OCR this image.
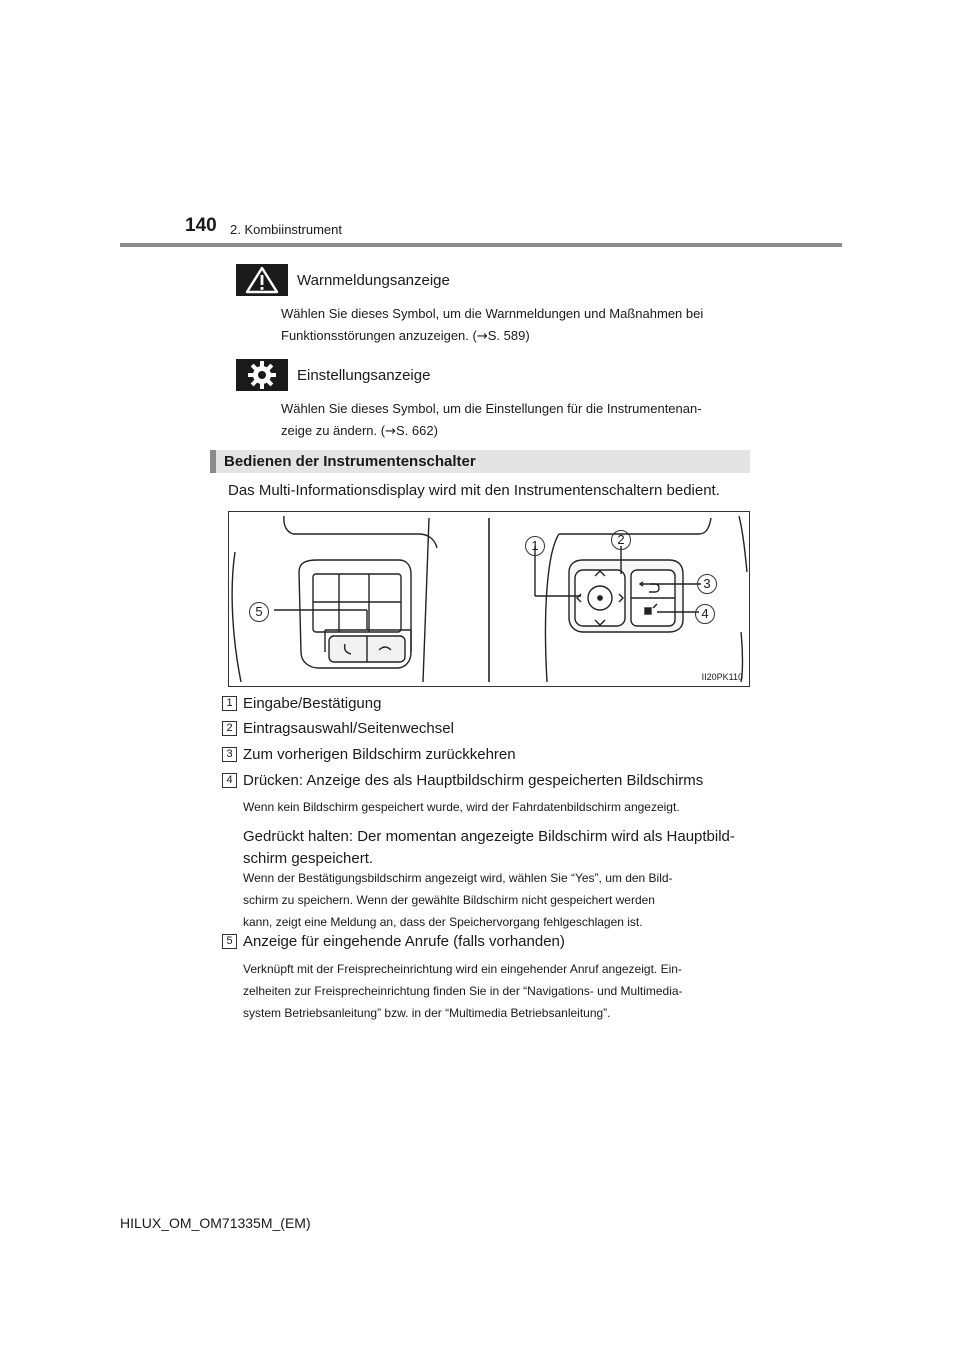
140 2. Kombiinstrument
Warnmeldungsanzeige
Wählen Sie dieses Symbol, um die Warnmeldungen und Maßnahmen bei
Funktionsstörungen anzuzeigen. (→S. 589)
Einstellungsanzeige
Wählen Sie dieses Symbol, um die Einstellungen für die Instrumentenan-
zeige zu ändern. (→S. 662)
Bedienen der Instrumentenschalter
Das Multi-Informationsdisplay wird mit den Instrumentenschaltern bedient.
5
1	2
3
4
II20PK110
1 Eingabe/Bestätigung
2 Eintragsauswahl/Seitenwechsel
3 Zum vorherigen Bildschirm zurückkehren
4 Drücken: Anzeige des als Hauptbildschirm gespeicherten Bildschirms
Wenn kein Bildschirm gespeichert wurde, wird der Fahrdatenbildschirm angezeigt.
Gedrückt halten: Der momentan angezeigte Bildschirm wird als Hauptbild-
schirm gespeichert.
Wenn der Bestätigungsbildschirm angezeigt wird, wählen Sie “Yes”, um den Bild-
schirm zu speichern. Wenn der gewählte Bildschirm nicht gespeichert werden
kann, zeigt eine Meldung an, dass der Speichervorgang fehlgeschlagen ist.
5 Anzeige für eingehende Anrufe (falls vorhanden)
Verknüpft mit der Freisprecheinrichtung wird ein eingehender Anruf angezeigt. Ein-
zelheiten zur Freisprecheinrichtung finden Sie in der “Navigations- und Multimedia-
system Betriebsanleitung” bzw. in der “Multimedia Betriebsanleitung”.
HILUX_OM_OM71335M_(EM)
